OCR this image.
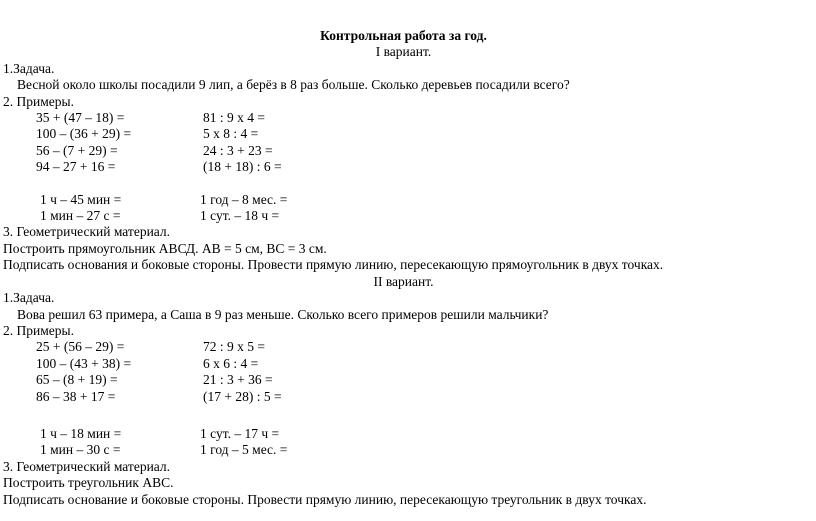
Контрольная работа за год.
I вариант.
1.Задача.
Весной около школы посадили 9 лип, а берёз в 8 раз больше. Сколько деревьев посадили всего?
2. Примеры.
35 + (47 – 18) =	81 : 9 х 4 =
100 – (36 + 29) =	5 х 8 : 4 =
56 – (7 + 29) =	24 : 3 + 23 =
94 – 27 + 16 =	(18 + 18) : 6 =
1 ч – 45 мин =	1 год – 8 мес. =
1 мин – 27 с =	1 сут. – 18 ч =
3. Геометрический материал.
Построить прямоугольник АВСД. АВ = 5 см, ВС = 3 см.
Подписать основания и боковые стороны. Провести прямую линию, пересекающую прямоугольник в двух точках.
II вариант.
1.Задача.
Вова решил 63 примера, а Саша в 9 раз меньше. Сколько всего примеров решили мальчики?
2. Примеры.
25 + (56 – 29) =	72 : 9 х 5 =
100 – (43 + 38) =	6 х 6 : 4 =
65 – (8 + 19) =	21 : 3 + 36 =
86 – 38 + 17 =	(17 + 28) : 5 =
1 ч – 18 мин =	1 сут. – 17 ч =
1 мин – 30 с =	1 год – 5 мес. =
3. Геометрический материал.
Построить треугольник АВС.
Подписать основание и боковые стороны. Провести прямую линию, пересекающую треугольник в двух точках.
